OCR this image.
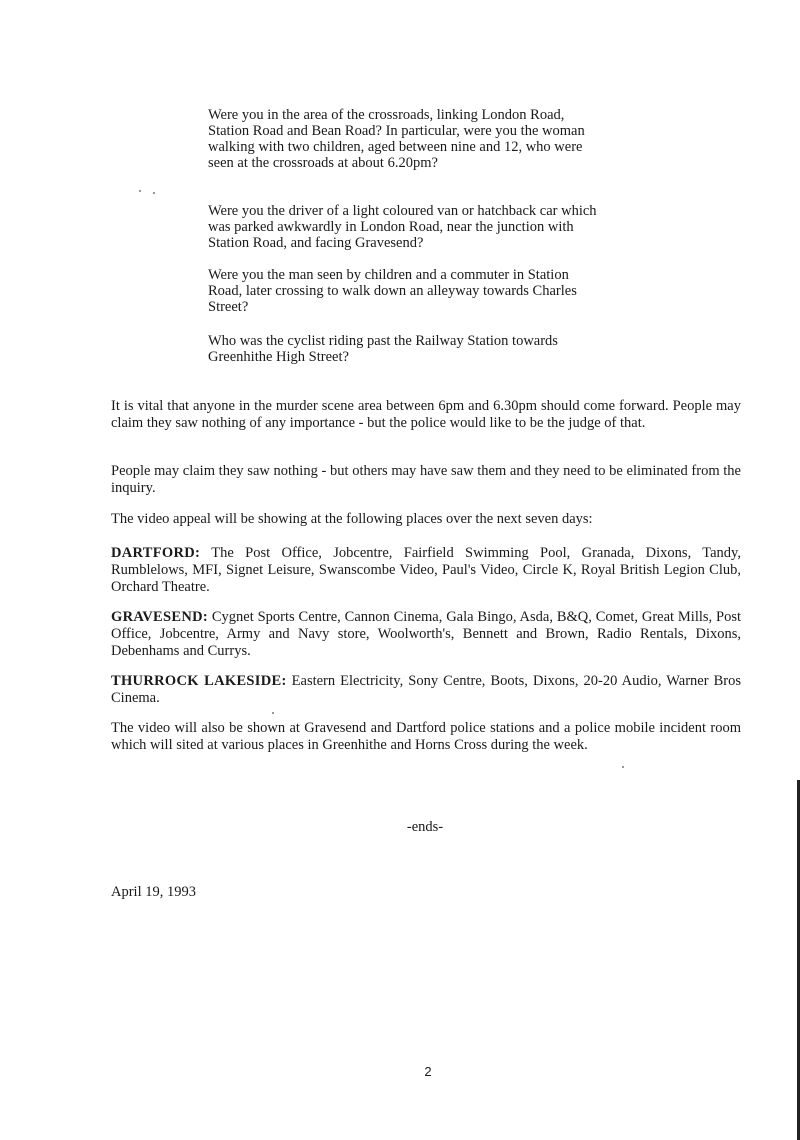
Were you in the area of the crossroads, linking London Road, Station Road and Bean Road? In particular, were you the woman walking with two children, aged between nine and 12, who were seen at the crossroads at about 6.20pm?

Were you the driver of a light coloured van or hatchback car which was parked awkwardly in London Road, near the junction with Station Road, and facing Gravesend?

Were you the man seen by children and a commuter in Station Road, later crossing to walk down an alleyway towards Charles Street?

Who was the cyclist riding past the Railway Station towards Greenhithe High Street?

It is vital that anyone in the murder scene area between 6pm and 6.30pm should come forward. People may claim they saw nothing of any importance - but the police would like to be the judge of that.

People may claim they saw nothing - but others may have saw them and they need to be eliminated from the inquiry.

The video appeal will be showing at the following places over the next seven days:

DARTFORD: The Post Office, Jobcentre, Fairfield Swimming Pool, Granada, Dixons, Tandy, Rumblelows, MFI, Signet Leisure, Swanscombe Video, Paul's Video, Circle K, Royal British Legion Club, Orchard Theatre.

GRAVESEND: Cygnet Sports Centre, Cannon Cinema, Gala Bingo, Asda, B&Q, Comet, Great Mills, Post Office, Jobcentre, Army and Navy store, Woolworth's, Bennett and Brown, Radio Rentals, Dixons, Debenhams and Currys.

THURROCK LAKESIDE: Eastern Electricity, Sony Centre, Boots, Dixons, 20-20 Audio, Warner Bros Cinema.

The video will also be shown at Gravesend and Dartford police stations and a police mobile incident room which will sited at various places in Greenhithe and Horns Cross during the week.

-ends-

April 19, 1993

2
